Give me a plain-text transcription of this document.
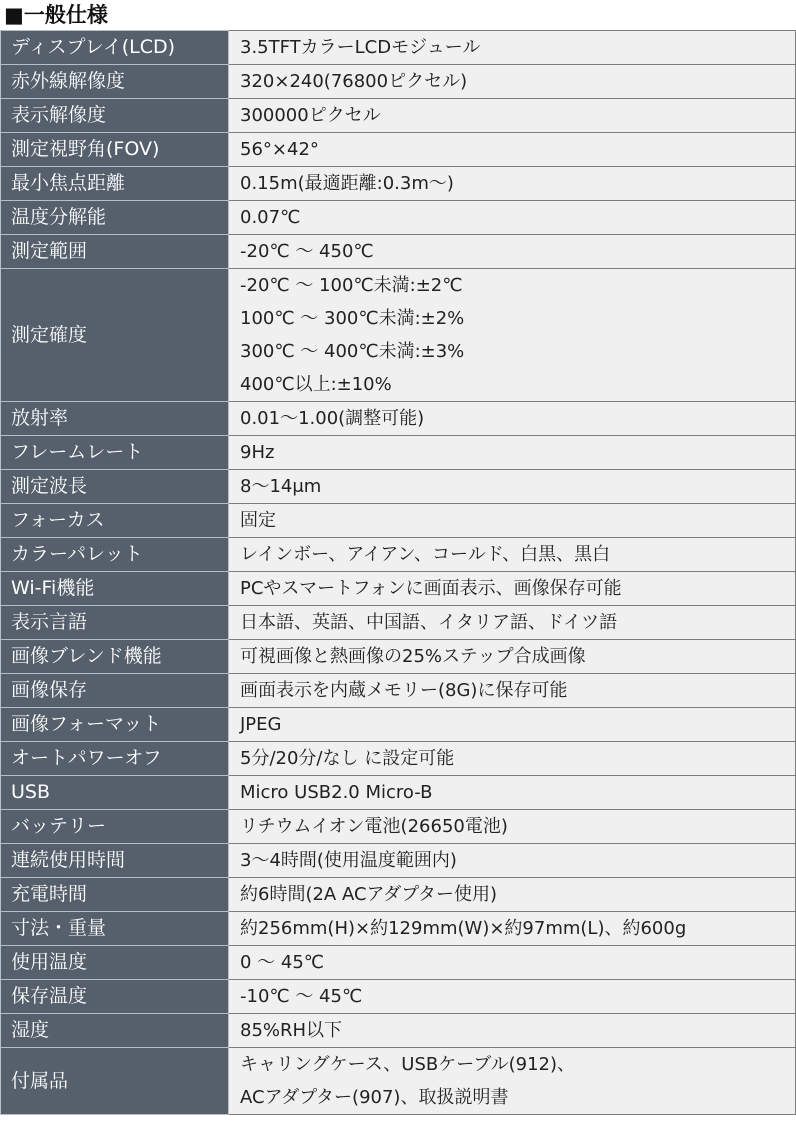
■一般仕様
ディスプレイ(LCD)	3.5TFTカラーLCDモジュール

赤外線解像度	320×240(76800ピクセル)

表示解像度	300000ピクセル

測定視野角(FOV)	56°×42°

最小焦点距離	0.15m(最適距離:0.3m〜)

温度分解能	0.07℃

測定範囲	-20℃ 〜 450℃

測定確度	-20℃ 〜 100℃未満:±2℃
100℃ 〜 300℃未満:±2%
300℃ 〜 400℃未満:±3%
400℃以上:±10%

放射率	0.01〜1.00(調整可能)

フレームレート	9Hz

測定波長	8〜14μm

フォーカス	固定

カラーパレット	レインボー、アイアン、コールド、白黒、黒白

Wi-Fi機能	PCやスマートフォンに画面表示、画像保存可能

表示言語	日本語、英語、中国語、イタリア語、ドイツ語

画像ブレンド機能	可視画像と熱画像の25%ステップ合成画像

画像保存	画面表示を内蔵メモリー(8G)に保存可能

画像フォーマット	JPEG

オートパワーオフ	5分/20分/なし に設定可能

USB	Micro USB2.0 Micro-B

バッテリー	リチウムイオン電池(26650電池)

連続使用時間	3〜4時間(使用温度範囲内)

充電時間	約6時間(2A ACアダプター使用)

寸法・重量	約256mm(H)×約129mm(W)×約97mm(L)、約600g

使用温度	0 〜 45℃

保存温度	-10℃ 〜 45℃

湿度	85%RH以下

付属品	キャリングケース、USBケーブル(912)、
ACアダプター(907)、取扱説明書
